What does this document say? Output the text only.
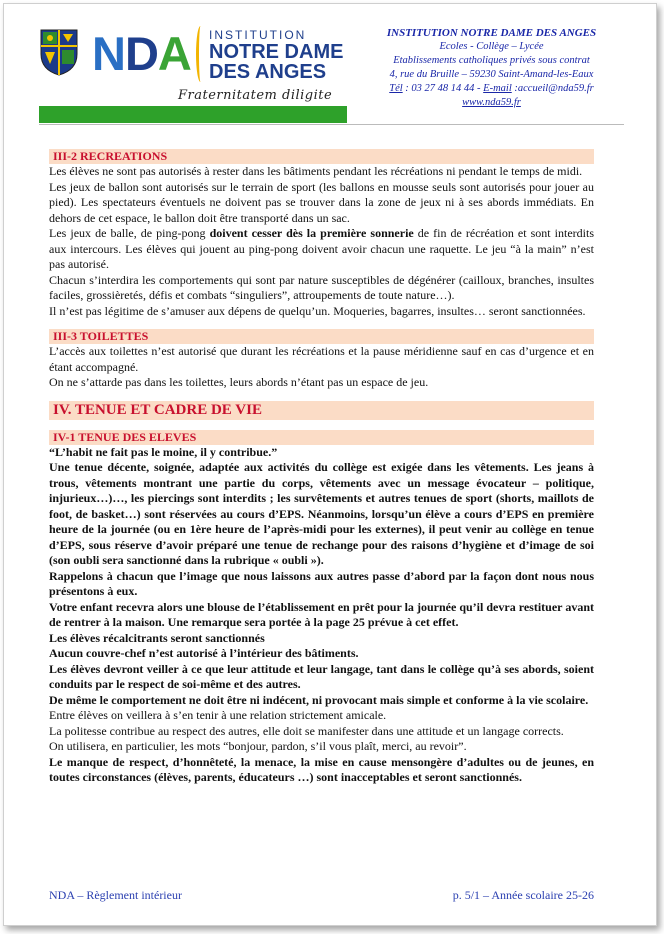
NDA INSTITUTION
NOTRE DAME
DES ANGES
Fraternitatem diligite
INSTITUTION NOTRE DAME DES ANGES
Ecoles - Collège – Lycée
Etablissements catholiques privés sous contrat
4, rue du Bruille – 59230 Saint-Amand-les-Eaux
Tél : 03 27 48 14 44 - E-mail :accueil@nda59.fr
www.nda59.fr
III-2 RECREATIONS

Les élèves ne sont pas autorisés à rester dans les bâtiments pendant les récréations ni pendant le temps de midi.

Les jeux de ballon sont autorisés sur le terrain de sport (les ballons en mousse seuls sont autorisés pour jouer au pied). Les spectateurs éventuels ne doivent pas se trouver dans la zone de jeux ni à ses abords immédiats. En dehors de cet espace, le ballon doit être transporté dans un sac.

Les jeux de balle, de ping-pong doivent cesser dès la première sonnerie de fin de récréation et sont interdits aux intercours. Les élèves qui jouent au ping-pong doivent avoir chacun une raquette. Le jeu “à la main” n’est pas autorisé.

Chacun s’interdira les comportements qui sont par nature susceptibles de dégénérer (cailloux, branches, insultes faciles, grossièretés, défis et combats “singuliers”, attroupements de toute nature…).

Il n’est pas légitime de s’amuser aux dépens de quelqu’un. Moqueries, bagarres, insultes… seront sanctionnées.

III-3 TOILETTES

L’accès aux toilettes n’est autorisé que durant les récréations et la pause méridienne sauf en cas d’urgence et en étant accompagné.

On ne s’attarde pas dans les toilettes, leurs abords n’étant pas un espace de jeu.

IV. TENUE ET CADRE DE VIE
IV-1 TENUE DES ELEVES

“L’habit ne fait pas le moine, il y contribue.”

Une tenue décente, soignée, adaptée aux activités du collège est exigée dans les vêtements. Les jeans à trous, vêtements montrant une partie du corps, vêtements avec un message évocateur – politique, injurieux…)…, les piercings sont interdits ; les survêtements et autres tenues de sport (shorts, maillots de foot, de basket…) sont réservées au cours d’EPS. Néanmoins, lorsqu’un élève a cours d’EPS en première heure de la journée (ou en 1ère heure de l’après-midi pour les externes), il peut venir au collège en tenue d’EPS, sous réserve d’avoir préparé une tenue de rechange pour des raisons d’hygiène et d’image de soi (son oubli sera sanctionné dans la rubrique « oubli »).

Rappelons à chacun que l’image que nous laissons aux autres passe d’abord par la façon dont nous nous présentons à eux.

Votre enfant recevra alors une blouse de l’établissement en prêt pour la journée qu’il devra restituer avant de rentrer à la maison. Une remarque sera portée à la page 25 prévue à cet effet.

Les élèves récalcitrants seront sanctionnés

Aucun couvre-chef n’est autorisé à l’intérieur des bâtiments.

Les élèves devront veiller à ce que leur attitude et leur langage, tant dans le collège qu’à ses abords, soient conduits par le respect de soi-même et des autres.

De même le comportement ne doit être ni indécent, ni provocant mais simple et conforme à la vie scolaire.

Entre élèves on veillera à s’en tenir à une relation strictement amicale.

La politesse contribue au respect des autres, elle doit se manifester dans une attitude et un langage corrects.

On utilisera, en particulier, les mots “bonjour, pardon, s’il vous plaît, merci, au revoir”.

Le manque de respect, d’honnêteté, la menace, la mise en cause mensongère d’adultes ou de jeunes, en toutes circonstances (élèves, parents, éducateurs …) sont inacceptables et seront sanctionnés.

NDA – Règlement intérieur	p. 5/1 – Année scolaire 25-26
